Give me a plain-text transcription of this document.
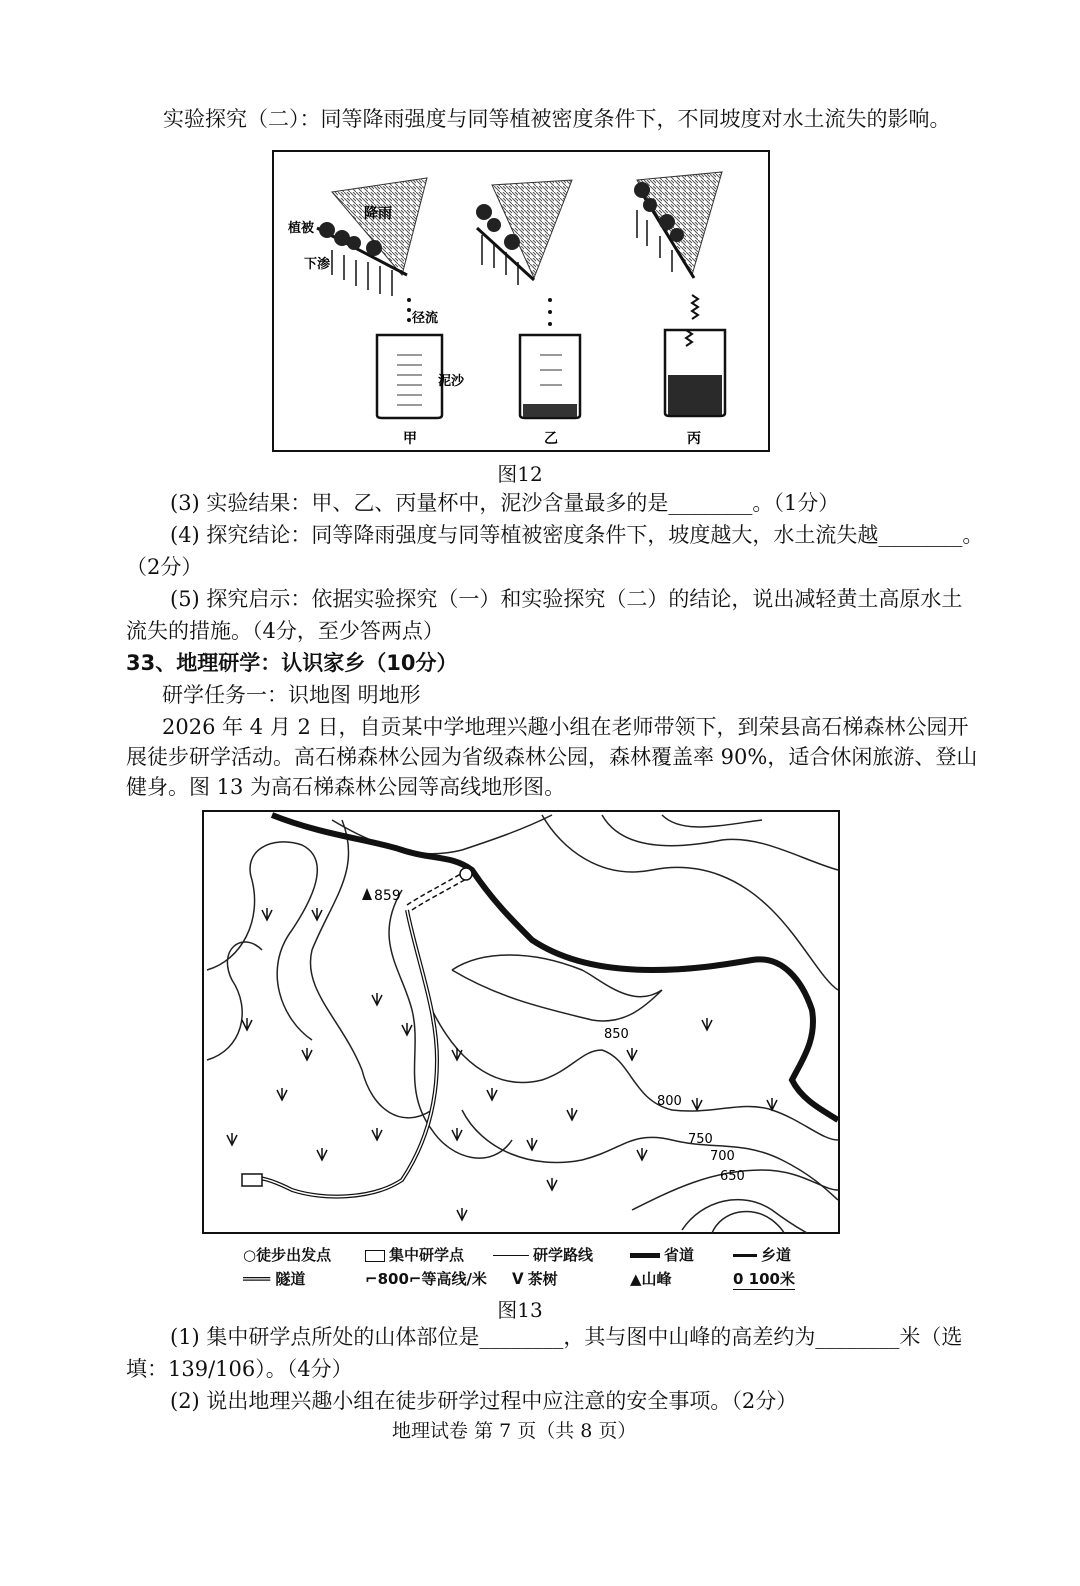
实验探究（二）：同等降雨强度与同等植被密度条件下，不同坡度对水土流失的影响。
降雨
植被
下渗
径流
泥沙
甲	乙	丙
图12
(3) 实验结果：甲、乙、丙量杯中，泥沙含量最多的是________。（1分）
(4) 探究结论：同等降雨强度与同等植被密度条件下，坡度越大，水土流失越________。
（2分）
(5) 探究启示：依据实验探究（一）和实验探究（二）的结论，说出减轻黄土高原水土
流失的措施。（4分，至少答两点）
33、地理研学：认识家乡（10分）
研学任务一：识地图 明地形
2026 年 4 月 2 日，自贡某中学地理兴趣小组在老师带领下，到荣县高石梯森林公园开
展徒步研学活动。高石梯森林公园为省级森林公园，森林覆盖率 90%，适合休闲旅游、登山
健身。图 13 为高石梯森林公园等高线地形图。
859
850
800
750
700
650
○徒步出发点	集中研学点	研学路线	省道	乡道
═══ 隧道	⌐800⌐等高线/米 ᐯ 茶树	▲山峰	0 100米
图13
(1) 集中研学点所处的山体部位是________，其与图中山峰的高差约为________米（选
填：139/106）。（4分）
(2) 说出地理兴趣小组在徒步研学过程中应注意的安全事项。（2分）
地理试卷 第 7 页（共 8 页）
